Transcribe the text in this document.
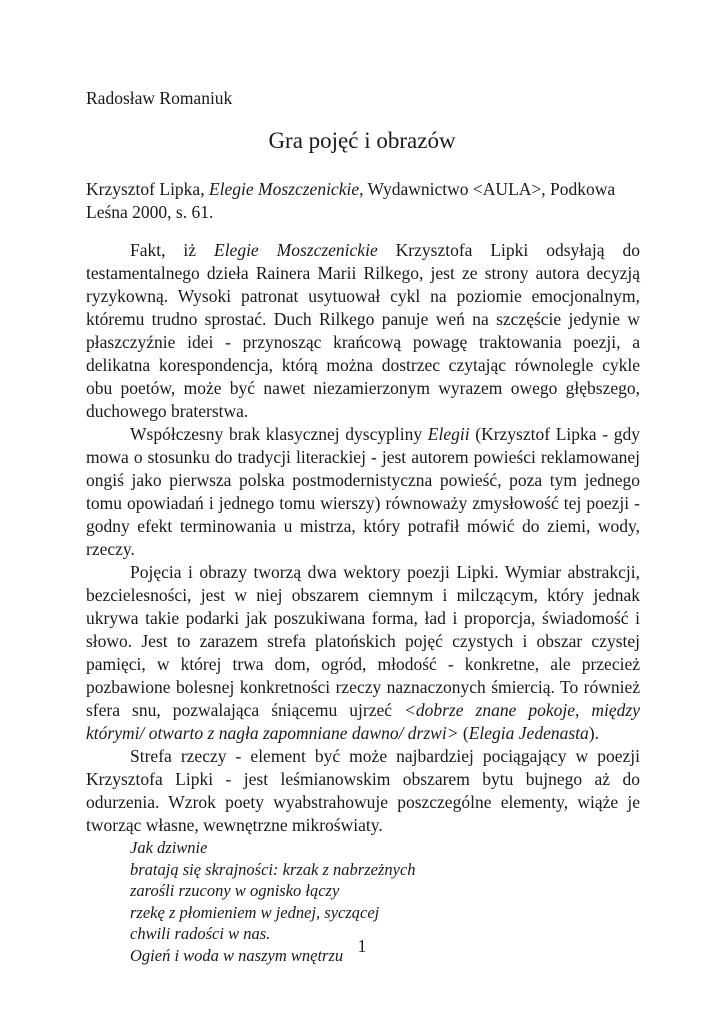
Radosław Romaniuk

Gra pojęć i obrazów

Krzysztof Lipka, Elegie Moszczenickie, Wydawnictwo <AULA>, Podkowa Leśna 2000, s. 61.

Fakt, iż Elegie Moszczenickie Krzysztofa Lipki odsyłają do testamentalnego dzieła Rainera Marii Rilkego, jest ze strony autora decyzją ryzykowną. Wysoki patronat usytuował cykl na poziomie emocjonalnym, któremu trudno sprostać. Duch Rilkego panuje weń na szczęście jedynie w płaszczyźnie idei - przynosząc krańcową powagę traktowania poezji, a delikatna korespondencja, którą można dostrzec czytając równolegle cykle obu poetów, może być nawet niezamierzonym wyrazem owego głębszego, duchowego braterstwa.

Współczesny brak klasycznej dyscypliny Elegii (Krzysztof Lipka - gdy mowa o stosunku do tradycji literackiej - jest autorem powieści reklamowanej ongiś jako pierwsza polska postmodernistyczna powieść, poza tym jednego tomu opowiadań i jednego tomu wierszy) równoważy zmysłowość tej poezji - godny efekt terminowania u mistrza, który potrafił mówić do ziemi, wody, rzeczy.

Pojęcia i obrazy tworzą dwa wektory poezji Lipki. Wymiar abstrakcji, bezcielesności, jest w niej obszarem ciemnym i milczącym, który jednak ukrywa takie podarki jak poszukiwana forma, ład i proporcja, świadomość i słowo. Jest to zarazem strefa platońskich pojęć czystych i obszar czystej pamięci, w której trwa dom, ogród, młodość - konkretne, ale przecież pozbawione bolesnej konkretności rzeczy naznaczonych śmiercią. To również sfera snu, pozwalająca śniącemu ujrzeć <dobrze znane pokoje, między którymi/ otwarto z nagła zapomniane dawno/ drzwi> (Elegia Jedenasta).

Strefa rzeczy - element być może najbardziej pociągający w poezji Krzysztofa Lipki - jest leśmianowskim obszarem bytu bujnego aż do odurzenia. Wzrok poety wyabstrahowuje poszczególne elementy, wiąże je tworząc własne, wewnętrzne mikroświaty.

Jak dziwnie
bratają się skrajności: krzak z nabrzeżnych
zarośli rzucony w ognisko łączy
rzekę z płomieniem w jednej, syczącej
chwili radości w nas.
Ogień i woda w naszym wnętrzu 1
